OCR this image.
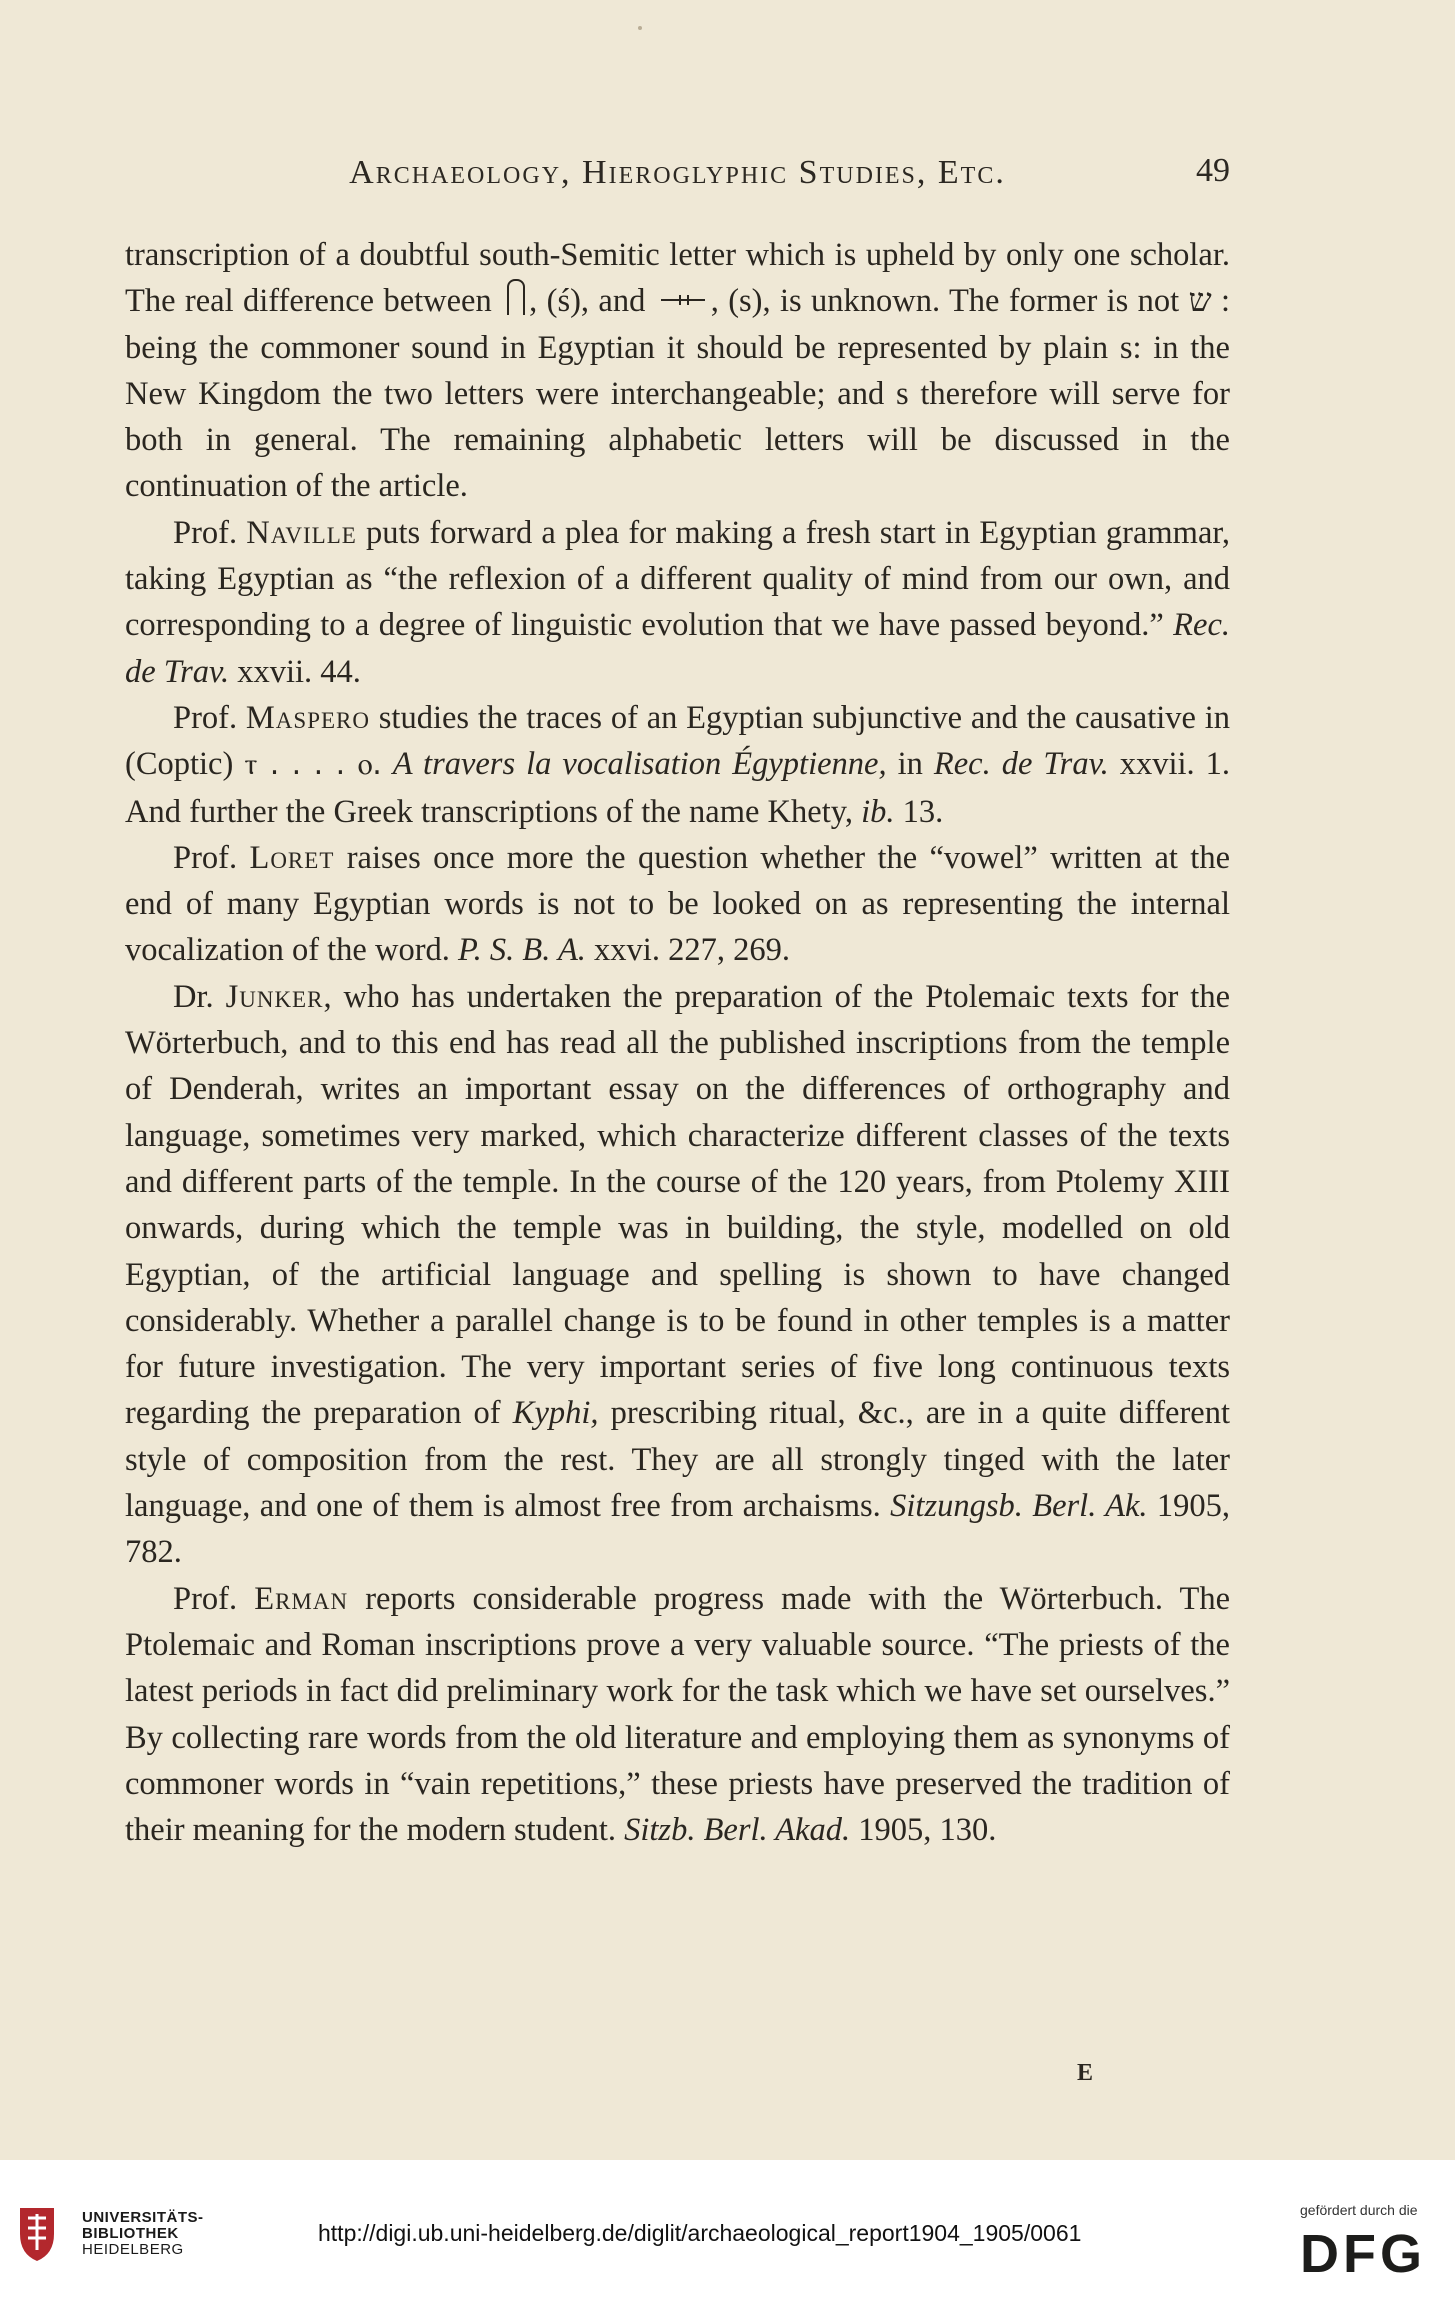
Archaeology, Hieroglyphic Studies, Etc.	49

transcription of a doubtful south-Semitic letter which is upheld by only one scholar. The real difference between , (ś), and , (s), is unknown. The former is not ש : being the commoner sound in Egyptian it should be represented by plain s: in the New Kingdom the two letters were interchangeable; and s therefore will serve for both in general. The remaining alphabetic letters will be discussed in the continuation of the article.

Prof. Naville puts forward a plea for making a fresh start in Egyptian grammar, taking Egyptian as “the reflexion of a different quality of mind from our own, and corresponding to a degree of linguistic evolution that we have passed beyond.” Rec. de Trav. xxvii. 44.

Prof. Maspero studies the traces of an Egyptian subjunctive and the causative in (Coptic) ⲧ . . . . ⲟ. A travers la vocalisation Égyptienne, in Rec. de Trav. xxvii. 1. And further the Greek transcriptions of the name Khety, ib. 13.

Prof. Loret raises once more the question whether the “vowel” written at the end of many Egyptian words is not to be looked on as representing the internal vocalization of the word. P. S. B. A. xxvi. 227, 269.

Dr. Junker, who has undertaken the preparation of the Ptolemaic texts for the Wörterbuch, and to this end has read all the published inscriptions from the temple of Denderah, writes an important essay on the differences of orthography and language, sometimes very marked, which characterize different classes of the texts and different parts of the temple. In the course of the 120 years, from Ptolemy XIII onwards, during which the temple was in building, the style, modelled on old Egyptian, of the artificial language and spelling is shown to have changed considerably. Whether a parallel change is to be found in other temples is a matter for future investigation. The very important series of five long continuous texts regarding the preparation of Kyphi, prescribing ritual, &c., are in a quite different style of composition from the rest. They are all strongly tinged with the later language, and one of them is almost free from archaisms. Sitzungsb. Berl. Ak. 1905, 782.

Prof. Erman reports considerable progress made with the Wörterbuch. The Ptolemaic and Roman inscriptions prove a very valuable source. “The priests of the latest periods in fact did preliminary work for the task which we have set ourselves.” By collecting rare words from the old literature and employing them as synonyms of commoner words in “vain repetitions,” these priests have preserved the tradition of their meaning for the modern student. Sitzb. Berl. Akad. 1905, 130.

E
UNIVERSITÄTS-
BIBLIOTHEK
HEIDELBERG
http://digi.ub.uni-heidelberg.de/diglit/archaeological_report1904_1905/0061
gefördert durch die
DFG
